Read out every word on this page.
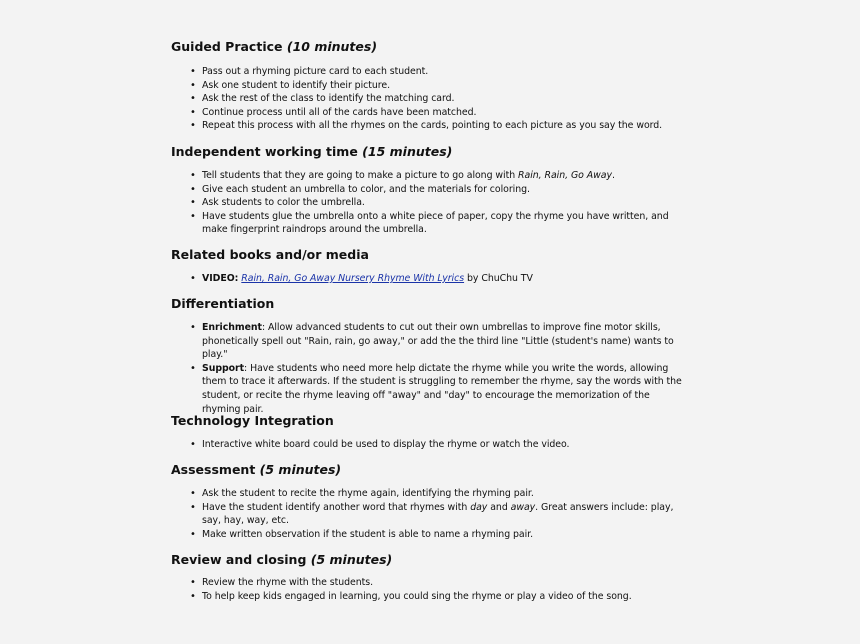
Guided Practice (10 minutes)
• Pass out a rhyming picture card to each student.
• Ask one student to identify their picture.
• Ask the rest of the class to identify the matching card.
• Continue process until all of the cards have been matched.
• Repeat this process with all the rhymes on the cards, pointing to each picture as you say the word.
Independent working time (15 minutes)
• Tell students that they are going to make a picture to go along with Rain, Rain, Go Away.
• Give each student an umbrella to color, and the materials for coloring.
• Ask students to color the umbrella.
• Have students glue the umbrella onto a white piece of paper, copy the rhyme you have written, and make fingerprint raindrops around the umbrella.
Related books and/or media
• VIDEO: Rain, Rain, Go Away Nursery Rhyme With Lyrics by ChuChu TV
Differentiation
• Enrichment: Allow advanced students to cut out their own umbrellas to improve fine motor skills, phonetically spell out "Rain, rain, go away," or add the the third line "Little (student's name) wants to play."
• Support: Have students who need more help dictate the rhyme while you write the words, allowing them to trace it afterwards. If the student is struggling to remember the rhyme, say the words with the student, or recite the rhyme leaving off "away" and "day" to encourage the memorization of the rhyming pair.
Technology Integration
• Interactive white board could be used to display the rhyme or watch the video.
Assessment (5 minutes)
• Ask the student to recite the rhyme again, identifying the rhyming pair.
• Have the student identify another word that rhymes with day and away. Great answers include: play, say, hay, way, etc.
• Make written observation if the student is able to name a rhyming pair.
Review and closing (5 minutes)
• Review the rhyme with the students.
• To help keep kids engaged in learning, you could sing the rhyme or play a video of the song.
